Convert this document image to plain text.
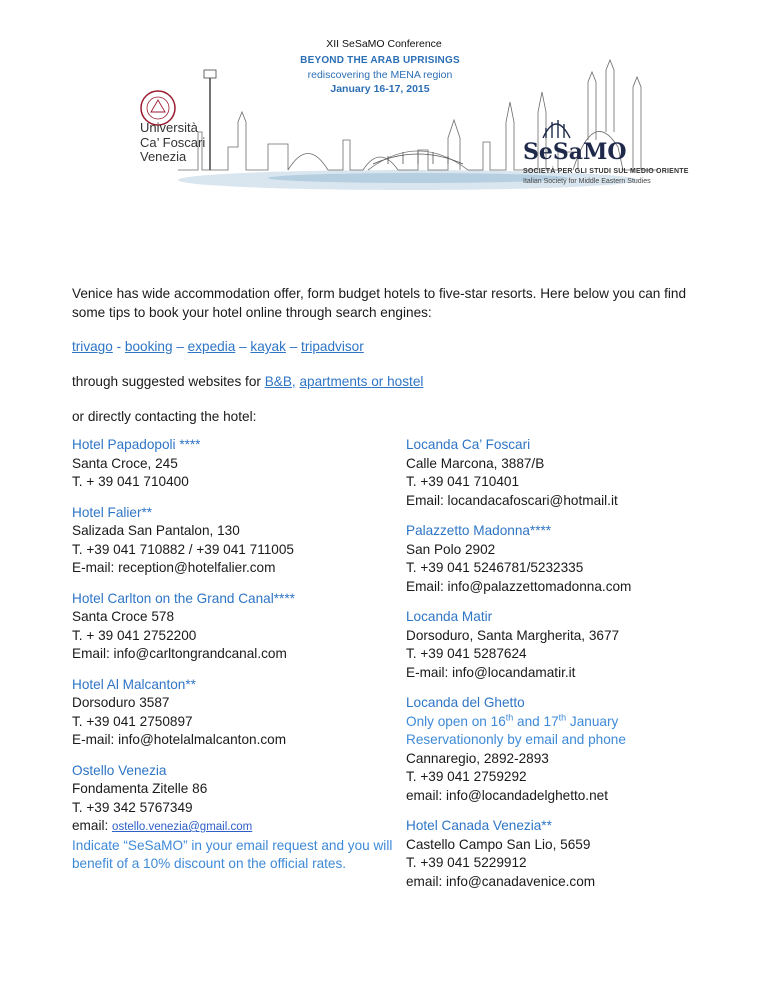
XII SeSaMO Conference
BEYOND THE ARAB UPRISINGS
rediscovering the MENA region
January 16-17, 2015
Università
Ca’ Foscari
Venezia	SeSaMO
SOCIETÀ PER GLI STUDI SUL MEDIO ORIENTE
Italian Society for Middle Eastern Studies
Venice has wide accommodation offer, form budget hotels to five-star resorts. Here below you can find some tips to book your hotel online through search engines:
trivago - booking – expedia – kayak – tripadvisor
through suggested websites for B&B, apartments or hostel
or directly contacting the hotel:
Hotel Papadopoli ****
Santa Croce, 245
T. + 39 041 710400
Hotel Falier**
Salizada San Pantalon, 130
T. +39 041 710882 / +39 041 711005
E-mail: reception@hotelfalier.com
Hotel Carlton on the Grand Canal****
Santa Croce 578
T. + 39 041 2752200
Email: info@carltongrandcanal.com
Hotel Al Malcanton**
Dorsoduro 3587
T. +39 041 2750897
E-mail: info@hotelalmalcanton.com
Ostello Venezia
Fondamenta Zitelle 86
T. +39 342 5767349
email: ostello.venezia@gmail.com
Indicate “SeSaMO” in your email request and you will benefit of a 10% discount on the official rates.
Locanda Ca’ Foscari
Calle Marcona, 3887/B
T. +39 041 710401
Email: locandacafoscari@hotmail.it
Palazzetto Madonna****
San Polo 2902
T. +39 041 5246781/5232335
Email: info@palazzettomadonna.com
Locanda Matir
Dorsoduro, Santa Margherita, 3677
T. +39 041 5287624
E-mail: info@locandamatir.it
Locanda del Ghetto
Only open on 16th and 17th January
Reservationonly by email and phone
Cannaregio, 2892-2893
T. +39 041 2759292
email: info@locandadelghetto.net
Hotel Canada Venezia**
Castello Campo San Lio, 5659
T. +39 041 5229912
email: info@canadavenice.com
